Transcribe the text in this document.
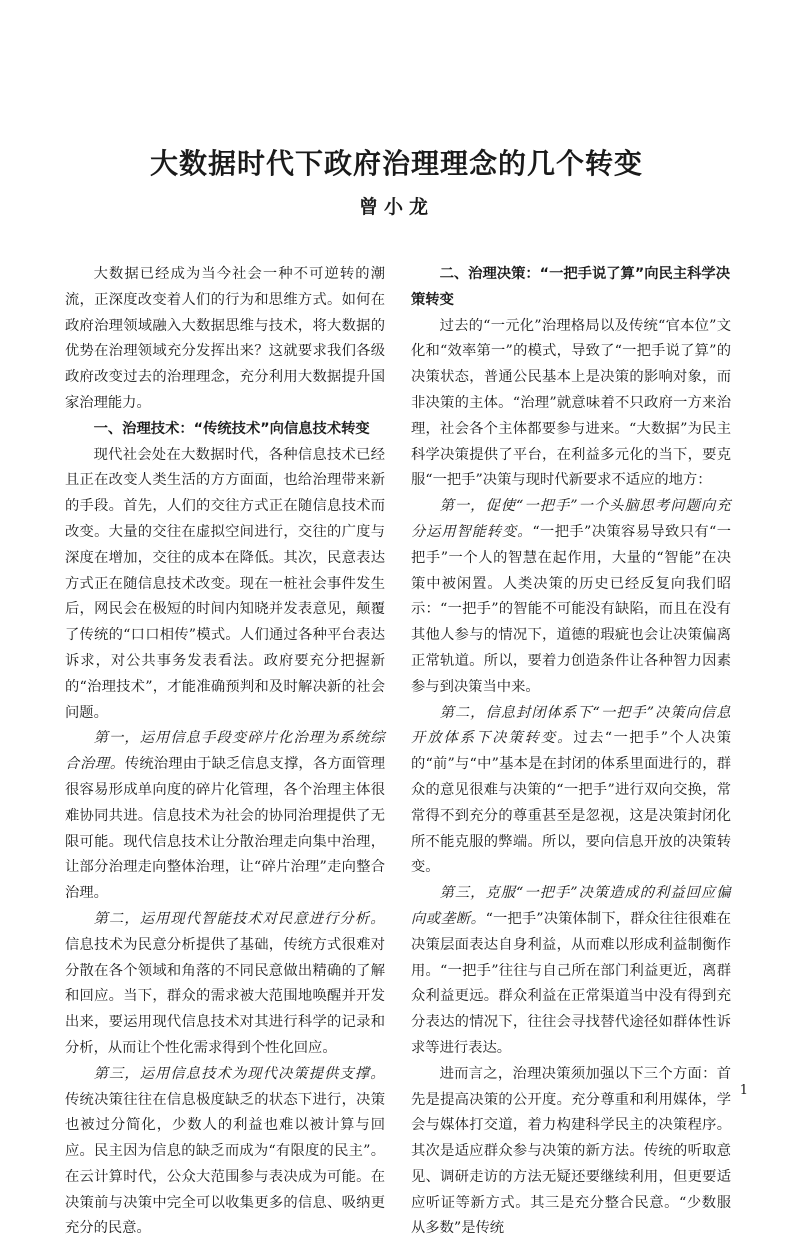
大数据时代下政府治理理念的几个转变
曾小龙

大数据已经成为当今社会一种不可逆转的潮流，正深度改变着人们的行为和思维方式。如何在政府治理领域融入大数据思维与技术，将大数据的优势在治理领域充分发挥出来？这就要求我们各级政府改变过去的治理理念，充分利用大数据提升国家治理能力。

一、治理技术：“传统技术”向信息技术转变

现代社会处在大数据时代，各种信息技术已经且正在改变人类生活的方方面面，也给治理带来新的手段。首先，人们的交往方式正在随信息技术而改变。大量的交往在虚拟空间进行，交往的广度与深度在增加，交往的成本在降低。其次，民意表达方式正在随信息技术改变。现在一桩社会事件发生后，网民会在极短的时间内知晓并发表意见，颠覆了传统的“口口相传”模式。人们通过各种平台表达诉求，对公共事务发表看法。政府要充分把握新的“治理技术”，才能准确预判和及时解决新的社会问题。

第一，运用信息手段变碎片化治理为系统综合治理。传统治理由于缺乏信息支撑，各方面管理很容易形成单向度的碎片化管理，各个治理主体很难协同共进。信息技术为社会的协同治理提供了无限可能。现代信息技术让分散治理走向集中治理，让部分治理走向整体治理，让“碎片治理”走向整合治理。

第二，运用现代智能技术对民意进行分析。信息技术为民意分析提供了基础，传统方式很难对分散在各个领域和角落的不同民意做出精确的了解和回应。当下，群众的需求被大范围地唤醒并开发出来，要运用现代信息技术对其进行科学的记录和分析，从而让个性化需求得到个性化回应。

第三，运用信息技术为现代决策提供支撑。传统决策往往在信息极度缺乏的状态下进行，决策也被过分简化，少数人的利益也难以被计算与回应。民主因为信息的缺乏而成为“有限度的民主”。在云计算时代，公众大范围参与表决成为可能。在决策前与决策中完全可以收集更多的信息、吸纳更充分的民意。

二、治理决策：“一把手说了算”向民主科学决策转变

过去的“一元化”治理格局以及传统“官本位”文化和“效率第一”的模式，导致了“一把手说了算”的决策状态，普通公民基本上是决策的影响对象，而非决策的主体。“治理”就意味着不只政府一方来治理，社会各个主体都要参与进来。“大数据”为民主科学决策提供了平台，在利益多元化的当下，要克服“一把手”决策与现时代新要求不适应的地方：

第一，促使“一把手”一个头脑思考问题向充分运用智能转变。“一把手”决策容易导致只有“一把手”一个人的智慧在起作用，大量的“智能”在决策中被闲置。人类决策的历史已经反复向我们昭示：“一把手”的智能不可能没有缺陷，而且在没有其他人参与的情况下，道德的瑕疵也会让决策偏离正常轨道。所以，要着力创造条件让各种智力因素参与到决策当中来。

第二，信息封闭体系下“一把手”决策向信息开放体系下决策转变。过去“一把手”个人决策的“前”与“中”基本是在封闭的体系里面进行的，群众的意见很难与决策的“一把手”进行双向交换，常常得不到充分的尊重甚至是忽视，这是决策封闭化所不能克服的弊端。所以，要向信息开放的决策转变。

第三，克服“一把手”决策造成的利益回应偏向或垄断。“一把手”决策体制下，群众往往很难在决策层面表达自身利益，从而难以形成利益制衡作用。“一把手”往往与自己所在部门利益更近，离群众利益更远。群众利益在正常渠道当中没有得到充分表达的情况下，往往会寻找替代途径如群体性诉求等进行表达。

进而言之，治理决策须加强以下三个方面：首先是提高决策的公开度。充分尊重和利用媒体，学会与媒体打交道，着力构建科学民主的决策程序。其次是适应群众参与决策的新方法。传统的听取意见、调研走访的方法无疑还要继续利用，但更要适应听证等新方式。其三是充分整合民意。“少数服从多数”是传统

1
